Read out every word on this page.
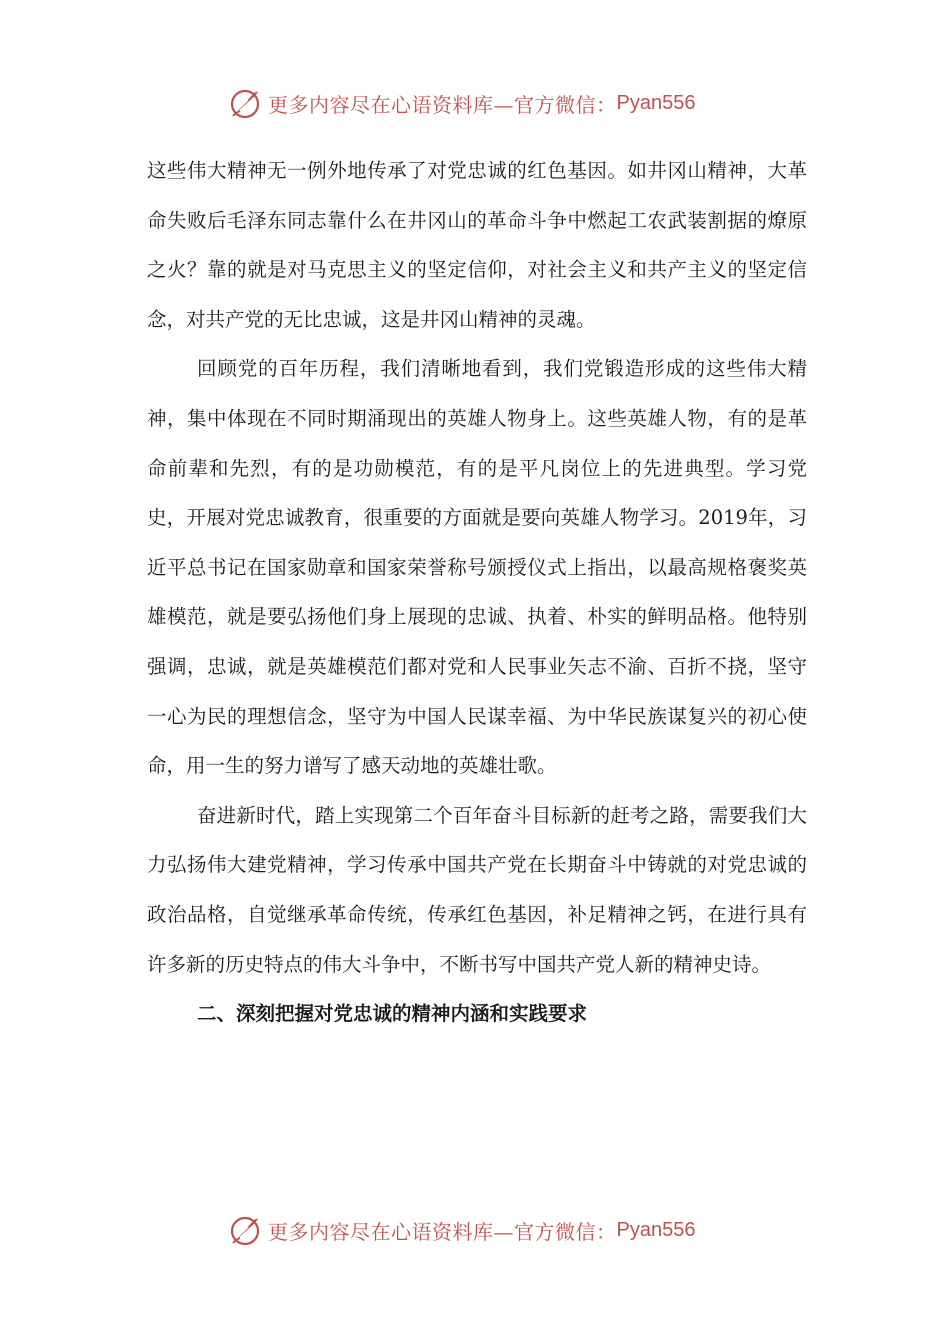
更多内容尽在心语资料库—官方微信： Pyan556

这些伟大精神无一例外地传承了对党忠诚的红色基因。如井冈山精神，大革命失败后毛泽东同志靠什么在井冈山的革命斗争中燃起工农武装割据的燎原之火？靠的就是对马克思主义的坚定信仰，对社会主义和共产主义的坚定信念，对共产党的无比忠诚，这是井冈山精神的灵魂。

回顾党的百年历程，我们清晰地看到，我们党锻造形成的这些伟大精神，集中体现在不同时期涌现出的英雄人物身上。这些英雄人物，有的是革命前辈和先烈，有的是功勋模范，有的是平凡岗位上的先进典型。学习党史，开展对党忠诚教育，很重要的方面就是要向英雄人物学习。2019年，习近平总书记在国家勋章和国家荣誉称号颁授仪式上指出，以最高规格褒奖英雄模范，就是要弘扬他们身上展现的忠诚、执着、朴实的鲜明品格。他特别强调，忠诚，就是英雄模范们都对党和人民事业矢志不渝、百折不挠，坚守一心为民的理想信念，坚守为中国人民谋幸福、为中华民族谋复兴的初心使命，用一生的努力谱写了感天动地的英雄壮歌。

奋进新时代，踏上实现第二个百年奋斗目标新的赶考之路，需要我们大力弘扬伟大建党精神，学习传承中国共产党在长期奋斗中铸就的对党忠诚的政治品格，自觉继承革命传统，传承红色基因，补足精神之钙，在进行具有许多新的历史特点的伟大斗争中，不断书写中国共产党人新的精神史诗。

二、深刻把握对党忠诚的精神内涵和实践要求

更多内容尽在心语资料库—官方微信： Pyan556
